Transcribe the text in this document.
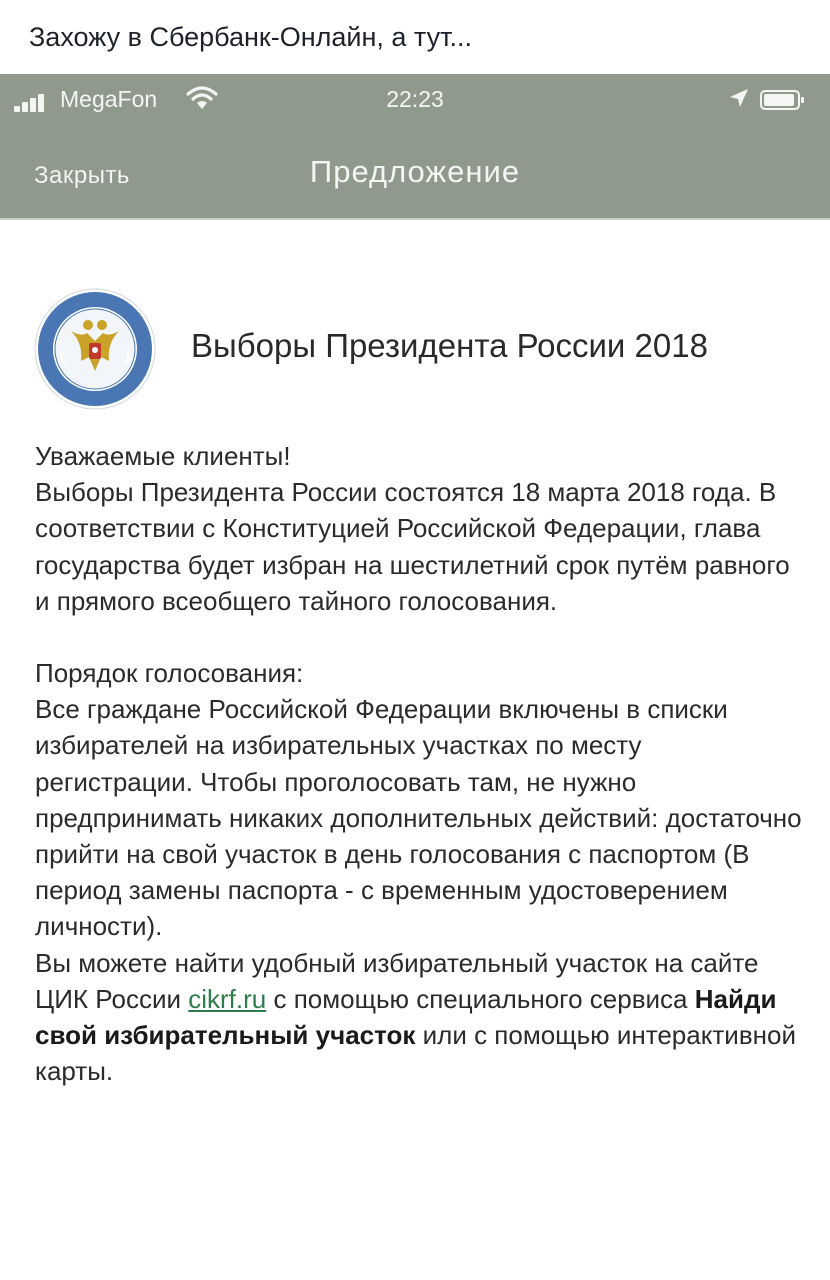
Захожу в Сбербанк-Онлайн, а тут...
MegaFon	22:23
Закрыть	Предложение
Выборы Президента России 2018

Уважаемые клиенты!

Выборы Президента России состоятся 18 марта 2018 года. В соответствии с Конституцией Российской Федерации, глава государства будет избран на шестилетний срок путём равного и прямого всеобщего тайного голосования.

Порядок голосования:

Все граждане Российской Федерации включены в списки избирателей на избирательных участках по месту регистрации. Чтобы проголосовать там, не нужно предпринимать никаких дополнительных действий: достаточно прийти на свой участок в день голосования с паспортом (В период замены паспорта - с временным удостоверением личности).

Вы можете найти удобный избирательный участок на сайте ЦИК России cikrf.ru с помощью специального сервиса Найди свой избирательный участок или с помощью интерактивной карты.
